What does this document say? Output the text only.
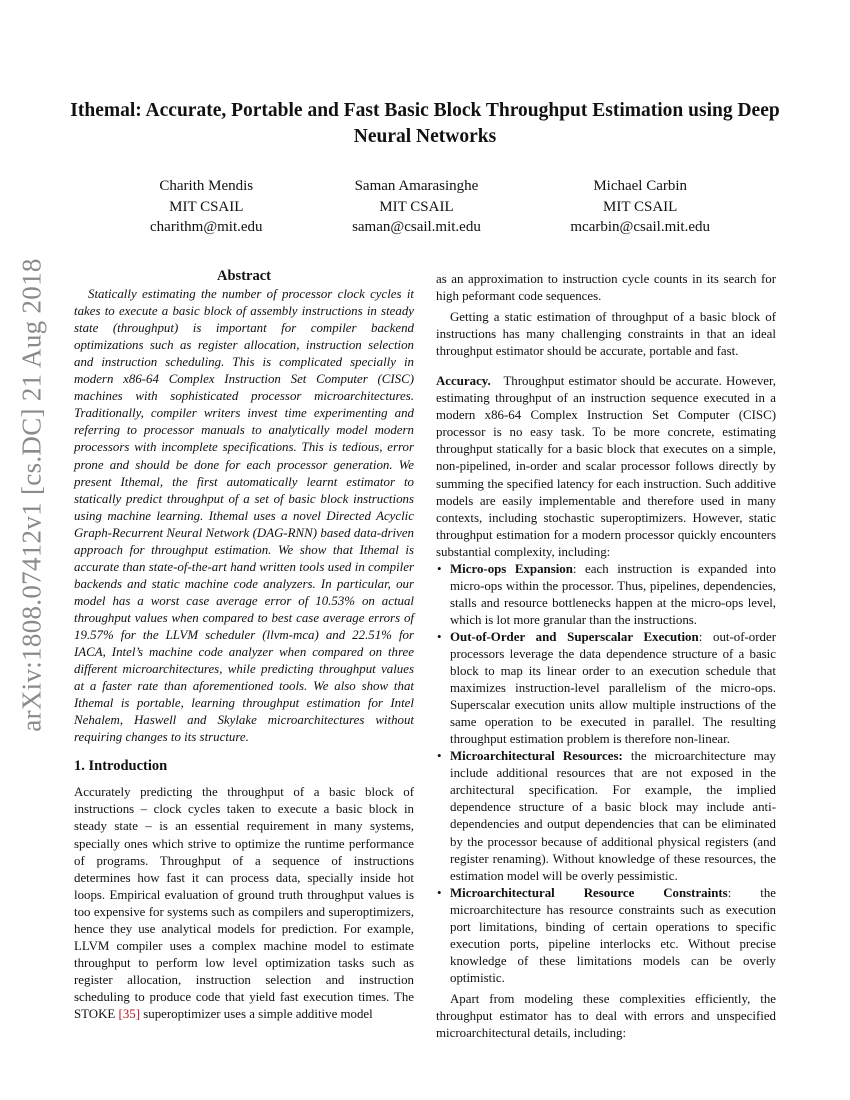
arXiv:1808.07412v1 [cs.DC] 21 Aug 2018
Ithemal: Accurate, Portable and Fast Basic Block Throughput Estimation using Deep Neural Networks
Charith Mendis
MIT CSAIL
charithm@mit.edu
Saman Amarasinghe
MIT CSAIL
saman@csail.mit.edu
Michael Carbin
MIT CSAIL
mcarbin@csail.mit.edu
Abstract

Statically estimating the number of processor clock cycles it takes to execute a basic block of assembly instructions in steady state (throughput) is important for compiler backend optimizations such as register allocation, instruction selection and instruction scheduling. This is complicated specially in modern x86-64 Complex Instruction Set Computer (CISC) machines with sophisticated processor microarchitectures. Traditionally, compiler writers invest time experimenting and referring to processor manuals to analytically model modern processors with incomplete specifications. This is tedious, error prone and should be done for each processor generation. We present Ithemal, the first automatically learnt estimator to statically predict throughput of a set of basic block instructions using machine learning. Ithemal uses a novel Directed Acyclic Graph-Recurrent Neural Network (DAG-RNN) based data-driven approach for throughput estimation. We show that Ithemal is accurate than state-of-the-art hand written tools used in compiler backends and static machine code analyzers. In particular, our model has a worst case average error of 10.53% on actual throughput values when compared to best case average errors of 19.57% for the LLVM scheduler (llvm-mca) and 22.51% for IACA, Intel’s machine code analyzer when compared on three different microarchitectures, while predicting throughput values at a faster rate than aforementioned tools. We also show that Ithemal is portable, learning throughput estimation for Intel Nehalem, Haswell and Skylake microarchitectures without requiring changes to its structure.

1. Introduction

Accurately predicting the throughput of a basic block of instructions – clock cycles taken to execute a basic block in steady state – is an essential requirement in many systems, specially ones which strive to optimize the runtime performance of programs. Throughput of a sequence of instructions determines how fast it can process data, specially inside hot loops. Empirical evaluation of ground truth throughput values is too expensive for systems such as compilers and superoptimizers, hence they use analytical models for prediction. For example, LLVM compiler uses a complex machine model to estimate throughput to perform low level optimization tasks such as register allocation, instruction selection and instruction scheduling to produce code that yield fast execution times. The STOKE [35] superoptimizer uses a simple additive model

as an approximation to instruction cycle counts in its search for high peformant code sequences.

Getting a static estimation of throughput of a basic block of instructions has many challenging constraints in that an ideal throughput estimator should be accurate, portable and fast.

Accuracy. Throughput estimator should be accurate. However, estimating throughput of an instruction sequence executed in a modern x86-64 Complex Instruction Set Computer (CISC) processor is no easy task. To be more concrete, estimating throughput statically for a basic block that executes on a simple, non-pipelined, in-order and scalar processor follows directly by summing the specified latency for each instruction. Such additive models are easily implementable and therefore used in many contexts, including stochastic superoptimizers. However, static throughput estimation for a modern processor quickly encounters substantial complexity, including:

• Micro-ops Expansion: each instruction is expanded into micro-ops within the processor. Thus, pipelines, dependencies, stalls and resource bottlenecks happen at the micro-ops level, which is lot more granular than the instructions.
• Out-of-Order and Superscalar Execution: out-of-order processors leverage the data dependence structure of a basic block to map its linear order to an execution schedule that maximizes instruction-level parallelism of the micro-ops. Superscalar execution units allow multiple instructions of the same operation to be executed in parallel. The resulting throughput estimation problem is therefore non-linear.
• Microarchitectural Resources: the microarchitecture may include additional resources that are not exposed in the architectural specification. For example, the implied dependence structure of a basic block may include anti-dependencies and output dependencies that can be eliminated by the processor because of additional physical registers (and register renaming). Without knowledge of these resources, the estimation model will be overly pessimistic.
• Microarchitectural Resource Constraints: the microarchitecture has resource constraints such as execution port limitations, binding of certain operations to specific execution ports, pipeline interlocks etc. Without precise knowledge of these limitations models can be overly optimistic.

Apart from modeling these complexities efficiently, the throughput estimator has to deal with errors and unspecified microarchitectural details, including:
